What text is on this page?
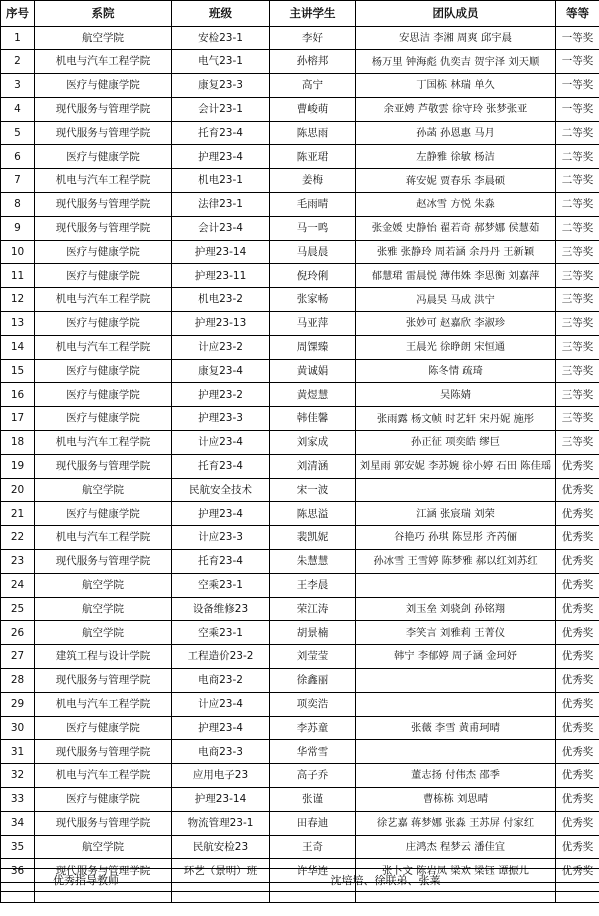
序号	系院	班级	主讲学生	团队成员	等等
1	航空学院	安检23-1	李好	安思洁 李湘 周爽 邱宇晨	一等奖
2	机电与汽车工程学院	电气23-1	孙榕邦	杨万里 钟海彪 仇奕吉 贺宇泽 刘天顺	一等奖
3	医疗与健康学院	康复23-3	高宁	丁国栋 林瑞 单久	一等奖
4	现代服务与管理学院	会计23-1	曹峻萌	余亚娉 芦敬雲 徐守玲 张梦张亚	一等奖
5	现代服务与管理学院	托育23-4	陈思雨	孙菡 孙恩惠 马月	二等奖
6	医疗与健康学院	护理23-4	陈亚珺	左静雅 徐敏 杨洁	二等奖
7	机电与汽车工程学院	机电23-1	姜梅	蒋安妮 贾春乐 李晨硕	二等奖
8	现代服务与管理学院	法律23-1	毛雨晴	赵冰雪 方悦 朱淼	二等奖
9	现代服务与管理学院	会计23-4	马一鸣	张金媛 史静怡 翟若奇 郝梦娜 侯慧茹	二等奖
10	医疗与健康学院	护理23-14	马晨晨	张雅 张静玲 周若涵 余丹丹 王新颖	三等奖
11	医疗与健康学院	护理23-11	倪玲俐	郁慧珺 雷晨悦 薄伟姝 李思衡 刘嘉萍	三等奖
12	机电与汽车工程学院	机电23-2	张家畅	冯晨昊 马成 洪宁	三等奖
13	医疗与健康学院	护理23-13	马亚萍	张妙可 赵嘉欣 李淑珍	三等奖
14	机电与汽车工程学院	计应23-2	周馃臻	王晨光 徐睁朗 宋恒通	三等奖
15	医疗与健康学院	康复23-4	黄诚娟	陈冬情 疏琦	三等奖
16	医疗与健康学院	护理23-2	黄煜慧	吴陈婧	三等奖
17	医疗与健康学院	护理23-3	韩佳馨	张雨露 杨文帧 时艺轩 宋丹妮 施彤	三等奖
18	机电与汽车工程学院	计应23-4	刘家成	孙正征 项奕皓 缪巨	三等奖
19	现代服务与管理学院	托育23-4	刘清涵	刘星雨 郭安妮 李苏婉 徐小婷 石田 陈佳瑶	优秀奖
20	航空学院	民航安全技术	宋一波		优秀奖
21	医疗与健康学院	护理23-4	陈思溢	江涵 张宸瑞 刘荣	优秀奖
22	机电与汽车工程学院	计应23-3	裴凯妮	谷艳巧 孙琪 陈昱彤 齐芮俪	优秀奖
23	现代服务与管理学院	托育23-4	朱慧慧	孙冰雪 王雪婷 陈梦雅 郝以红刘苏红	优秀奖
24	航空学院	空乘23-1	王李晨		优秀奖
25	航空学院	设备维修23	荣江涛	刘玉垒 刘骁剑 孙铭翔	优秀奖
26	航空学院	空乘23-1	胡景楠	李笑言 刘雅莉 王菁仪	优秀奖
27	建筑工程与设计学院	工程造价23-2	刘莹莹	韩宁 李郁婷 周子涵 金珂妤	优秀奖
28	现代服务与管理学院	电商23-2	徐鑫丽		优秀奖
29	机电与汽车工程学院	计应23-4	项奕浩		优秀奖
30	医疗与健康学院	护理23-4	李苏童	张薇 李雪 黄甫珂晴	优秀奖
31	现代服务与管理学院	电商23-3	华常雪		优秀奖
32	机电与汽车工程学院	应用电子23	高子乔	董志扬 付伟杰 邵季	优秀奖
33	医疗与健康学院	护理23-14	张谨	曹栋栋 刘思晴	优秀奖
34	现代服务与管理学院	物流管理23-1	田春迪	徐艺嘉 蒋梦娜 张淼 王苏屏 付家红	优秀奖
35	航空学院	民航安检23	王奇	庄鸿杰 程梦云 潘佳宜	优秀奖
36	现代服务与管理学院	环艺（景明）班	许华连	张卜文 陈岩凤 梁欢 梁钰 谭振儿	优秀奖

优秀指导教师	沈培培、徐联弟、张莱
